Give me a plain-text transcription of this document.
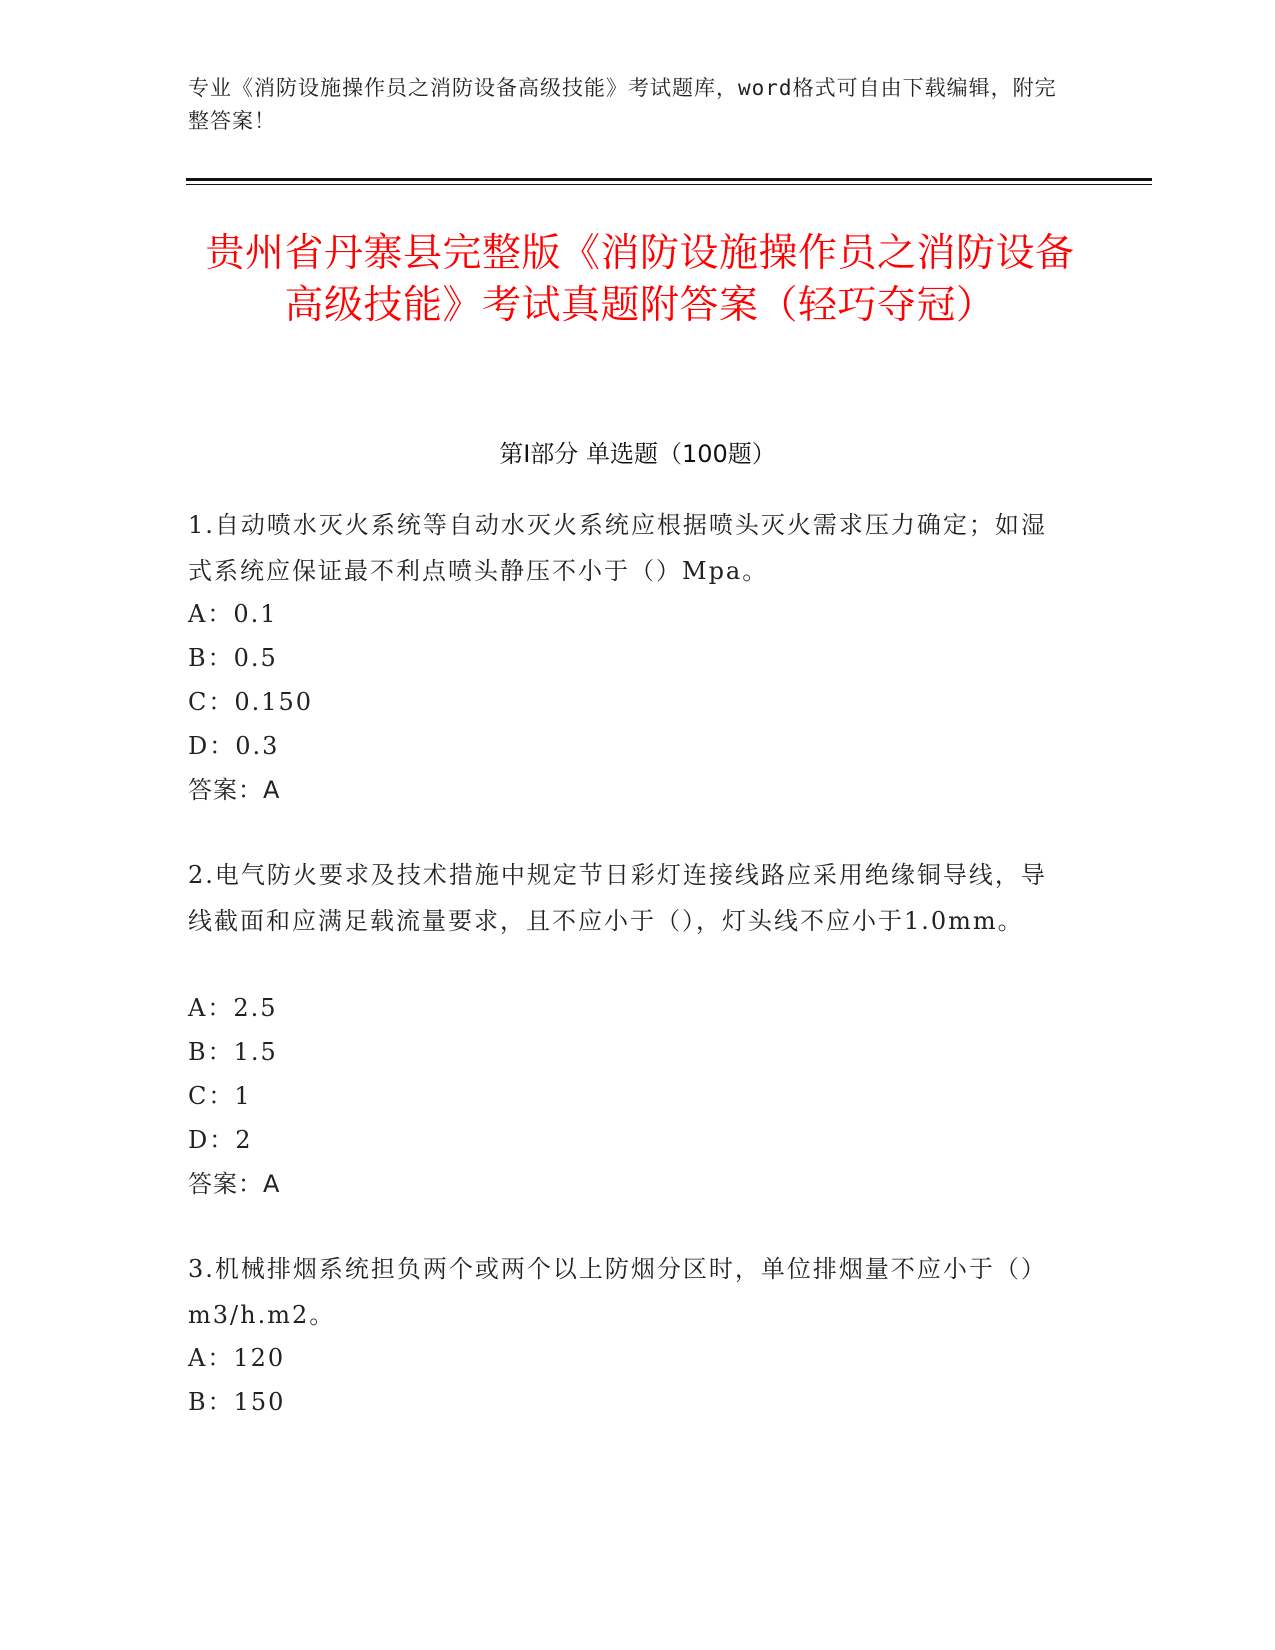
专业《消防设施操作员之消防设备高级技能》考试题库，word格式可自由下载编辑，附完整答案！
贵州省丹寨县完整版《消防设施操作员之消防设备高级技能》考试真题附答案（轻巧夺冠）
第I部分 单选题（100题）
1.自动喷水灭火系统等自动水灭火系统应根据喷头灭火需求压力确定；如湿式系统应保证最不利点喷头静压不小于（）Mpa。
A：0.1
B：0.5
C：0.150
D：0.3
答案：A
2.电气防火要求及技术措施中规定节日彩灯连接线路应采用绝缘铜导线，导线截面和应满足载流量要求，且不应小于（），灯头线不应小于1.0mm。
A：2.5
B：1.5
C：1
D：2
答案：A
3.机械排烟系统担负两个或两个以上防烟分区时，单位排烟量不应小于（）m3/h.m2。
A：120
B：150
